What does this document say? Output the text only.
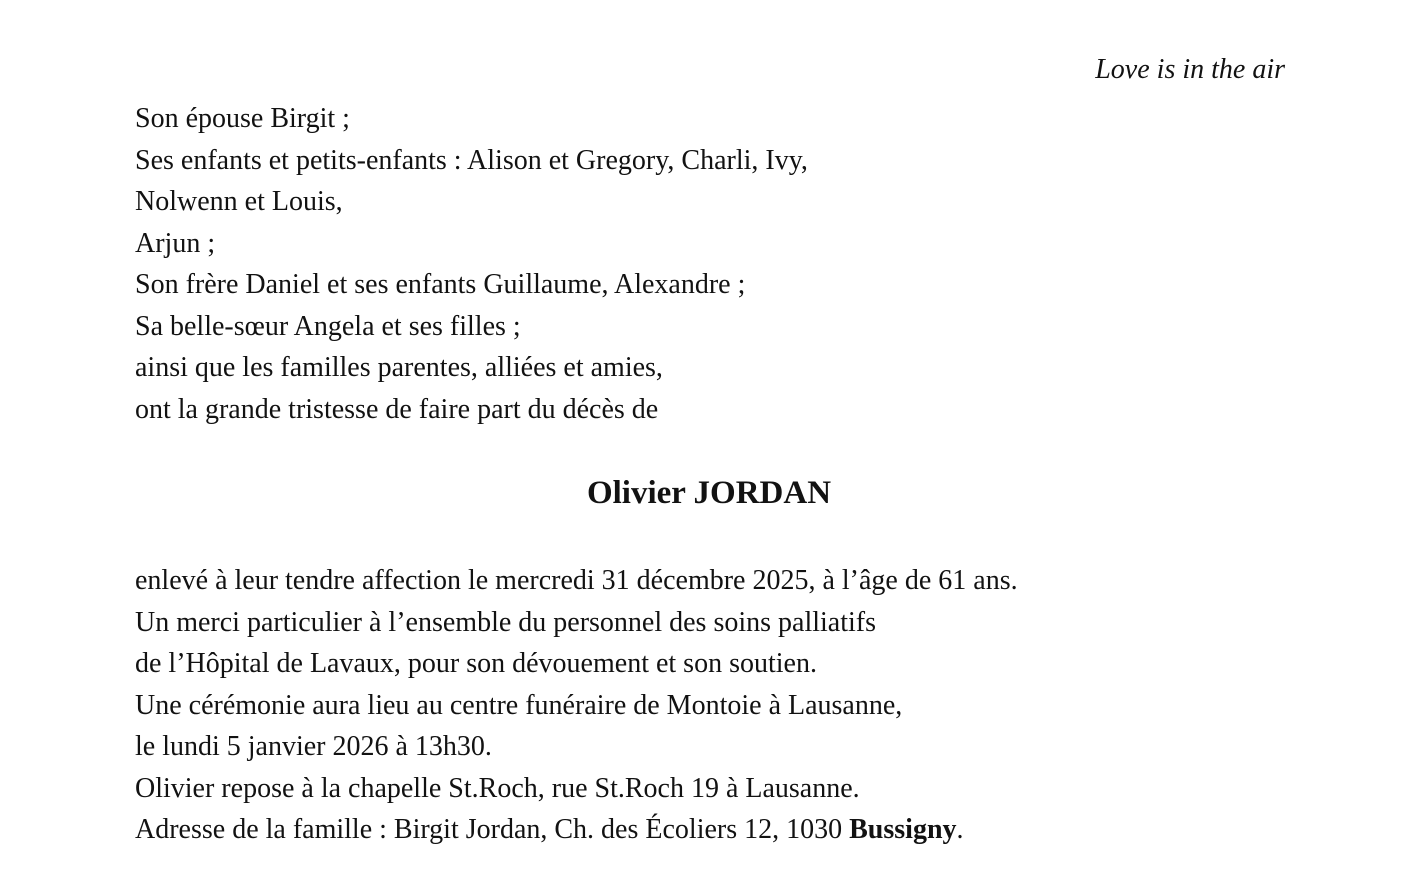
Love is in the air
Son épouse Birgit ;
Ses enfants et petits-enfants : Alison et Gregory, Charli, Ivy,
Nolwenn et Louis,
Arjun ;
Son frère Daniel et ses enfants Guillaume, Alexandre ;
Sa belle-sœur Angela et ses filles ;
ainsi que les familles parentes, alliées et amies,
ont la grande tristesse de faire part du décès de
Olivier JORDAN
enlevé à leur tendre affection le mercredi 31 décembre 2025, à l’âge de 61 ans.
Un merci particulier à l’ensemble du personnel des soins palliatifs
de l’Hôpital de Lavaux, pour son dévouement et son soutien.
Une cérémonie aura lieu au centre funéraire de Montoie à Lausanne,
le lundi 5 janvier 2026 à 13h30.
Olivier repose à la chapelle St.Roch, rue St.Roch 19 à Lausanne.
Adresse de la famille : Birgit Jordan, Ch. des Écoliers 12, 1030 Bussigny.
